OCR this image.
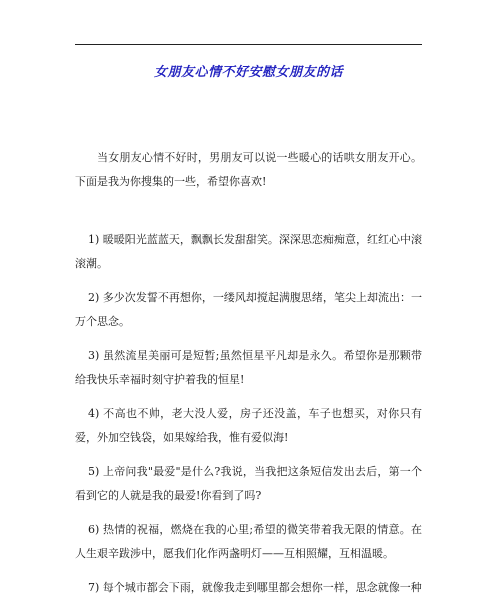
女朋友心情不好安慰女朋友的话

当女朋友心情不好时，男朋友可以说一些暖心的话哄女朋友开心。下面是我为你搜集的一些，希望你喜欢!

1) 暖暖阳光蓝蓝天，飘飘长发甜甜笑。深深思恋痴痴意，红红心中滚滚潮。

2) 多少次发誓不再想你，一缕风却搅起满腹思绪，笔尖上却流出：一万个思念。

3) 虽然流星美丽可是短暂;虽然恒星平凡却是永久。希望你是那颗带给我快乐幸福时刻守护着我的恒星!

4) 不高也不帅，老大没人爱，房子还没盖，车子也想买，对你只有爱，外加空钱袋，如果嫁给我，惟有爱似海!

5) 上帝问我"最爱"是什么?我说，当我把这条短信发出去后，第一个看到它的人就是我的最爱!你看到了吗?

6) 热情的祝福，燃烧在我的心里;希望的微笑带着我无限的情意。在人生艰辛跋涉中，愿我们化作两盏明灯——互相照耀，互相温暖。

7) 每个城市都会下雨，就像我走到哪里都会想你一样，思念就像一种
